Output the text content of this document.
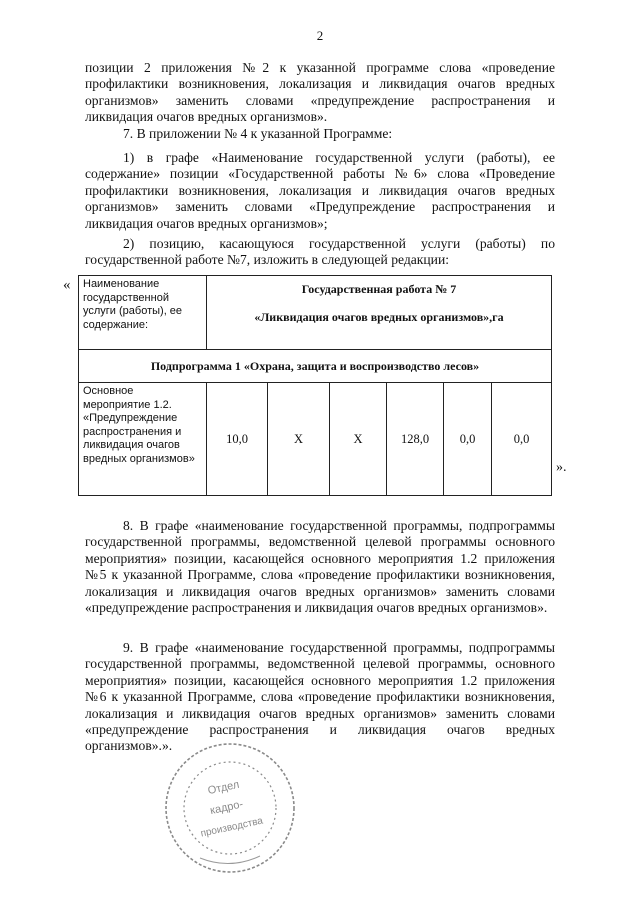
2

позиции 2 приложения №2 к указанной программе слова «проведение профилактики возникновения, локализация и ликвидация очагов вредных организмов» заменить словами «предупреждение распространения и ликвидация очагов вредных организмов».

7. В приложении № 4 к указанной Программе:

1) в графе «Наименование государственной услуги (работы), ее содержание» позиции «Государственной работы №6» слова «Проведение профилактики возникновения, локализация и ликвидация очагов вредных организмов» заменить словами «Предупреждение распространения и ликвидация очагов вредных организмов»;

2) позицию, касающуюся государственной услуги (работы) по государственной работе №7, изложить в следующей редакции:

« Наименование государственной услуги (работы), ее содержание:	Государственная работа № 7
«Ликвидация очагов вредных организмов»,га					

Подпрограмма 1 «Охрана, защита и воспроизводство лесов»						
Основное мероприятие 1.2. «Предупреждение распространения и ликвидация очагов вредных организмов»	10,0	Х	Х	128,0	0,0	0,0
».

8. В графе «наименование государственной программы, подпрограммы государственной программы, ведомственной целевой программы основного мероприятия» позиции, касающейся основного мероприятия 1.2 приложения №5 к указанной Программе, слова «проведение профилактики возникновения, локализация и ликвидация очагов вредных организмов» заменить словами «предупреждение распространения и ликвидация очагов вредных организмов».

9. В графе «наименование государственной программы, подпрограммы государственной программы, ведомственной целевой программы, основного мероприятия» позиции, касающейся основного мероприятия 1.2 приложения №6 к указанной Программе, слова «проведение профилактики возникновения, локализация и ликвидация очагов вредных организмов» заменить словами «предупреждение распространения и ликвидация очагов вредных организмов».».

Отдел
кадро-
производства
